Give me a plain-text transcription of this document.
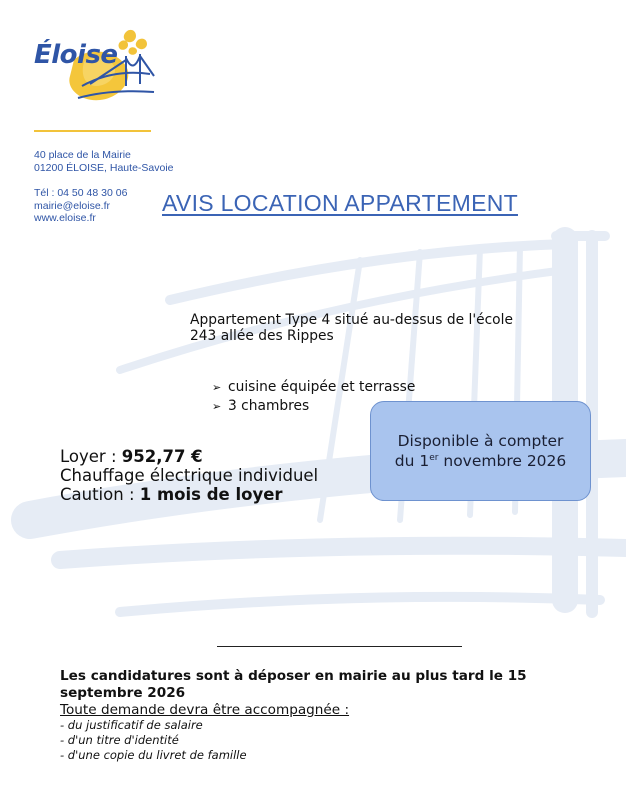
Éloise
40 place de la Mairie
01200 ÉLOISE, Haute-Savoie
Tél : 04 50 48 30 06
mairie@eloise.fr
www.eloise.fr
AVIS LOCATION APPARTEMENT
Appartement Type 4 situé au-dessus de l'école
243 allée des Rippes
➢ cuisine équipée et terrasse
➢ 3 chambres
Disponible à compter
du 1er novembre 2026
Loyer : 952,77 €
Chauffage électrique individuel
Caution : 1 mois de loyer
Les candidatures sont à déposer en mairie au plus tard le 15 septembre 2026
Toute demande devra être accompagnée :
- du justificatif de salaire
- d'un titre d'identité
- d'une copie du livret de famille
